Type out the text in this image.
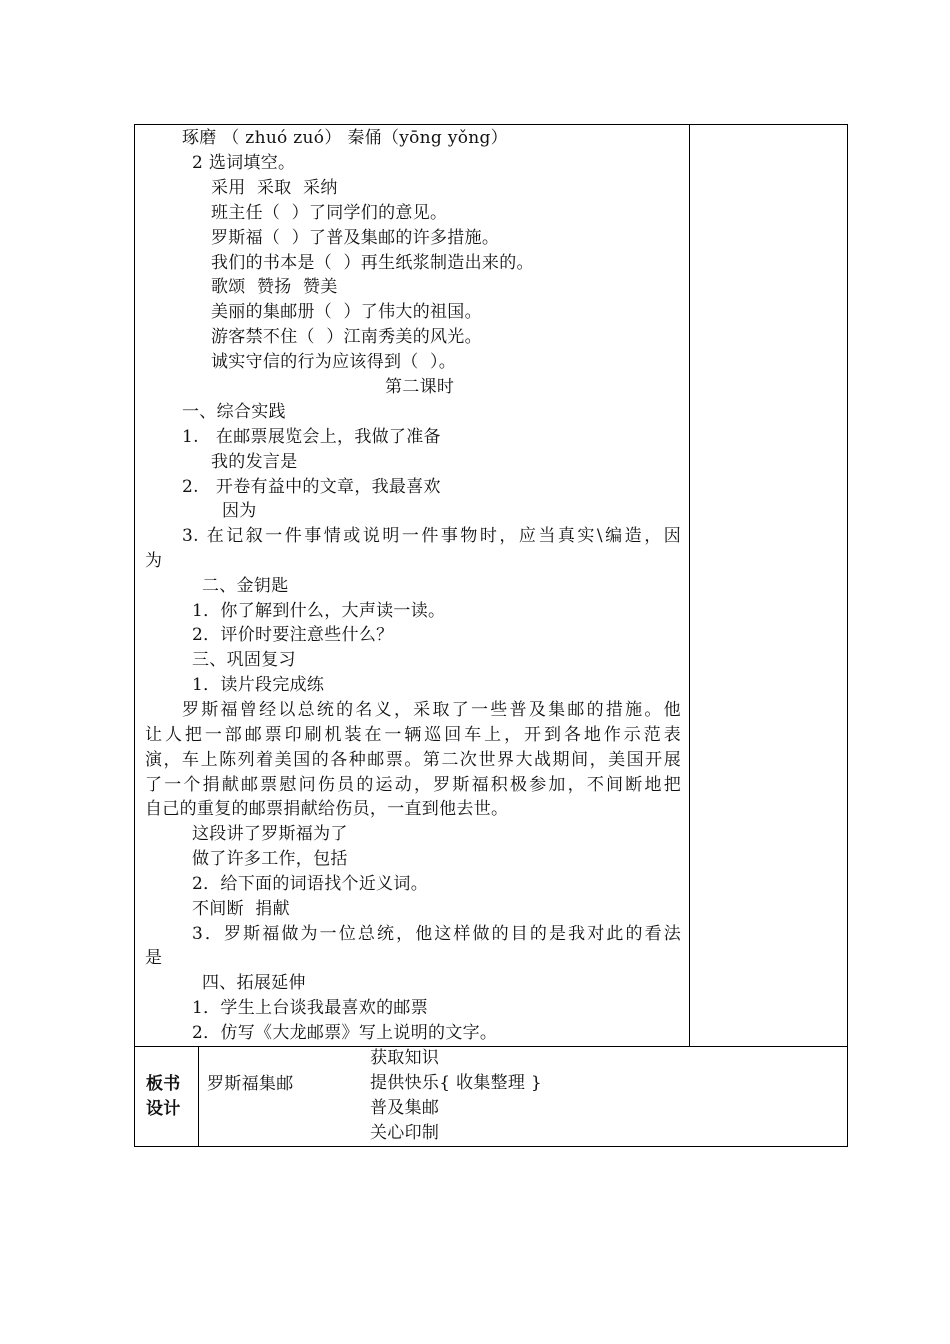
琢磨 （ zhuó zuó） 秦俑（yōng yǒng）
2 选词填空。
采用  采取  采纳
班主任（  ）了同学们的意见。
罗斯福（  ）了普及集邮的许多措施。
我们的书本是（  ）再生纸浆制造出来的。
歌颂  赞扬  赞美
美丽的集邮册（  ）了伟大的祖国。
游客禁不住（  ）江南秀美的风光。
诚实守信的行为应该得到（  ）。
第二课时
一、综合实践
1.   在邮票展览会上，我做了准备
我的发言是
2.   开卷有益中的文章，我最喜欢
因为
3. 在记叙一件事情或说明一件事物时，应当真实\编造，因
为
二、金钥匙
1．你了解到什么，大声读一读。
2．评价时要注意些什么？
三、巩固复习
1．读片段完成练
罗斯福曾经以总统的名义，采取了一些普及集邮的措施。他
让人把一部邮票印刷机装在一辆巡回车上，开到各地作示范表
演，车上陈列着美国的各种邮票。第二次世界大战期间，美国开展
了一个捐献邮票慰问伤员的运动，罗斯福积极参加，不间断地把
自己的重复的邮票捐献给伤员，一直到他去世。
这段讲了罗斯福为了
做了许多工作，包括
2．给下面的词语找个近义词。
不间断  捐献
3．罗斯福做为一位总统，他这样做的目的是我对此的看法
是
四、拓展延伸
1．学生上台谈我最喜欢的邮票
2．仿写《大龙邮票》写上说明的文字。
板书
设计
罗斯福集邮
获取知识
提供快乐{ 收集整理 }
普及集邮
关心印制
